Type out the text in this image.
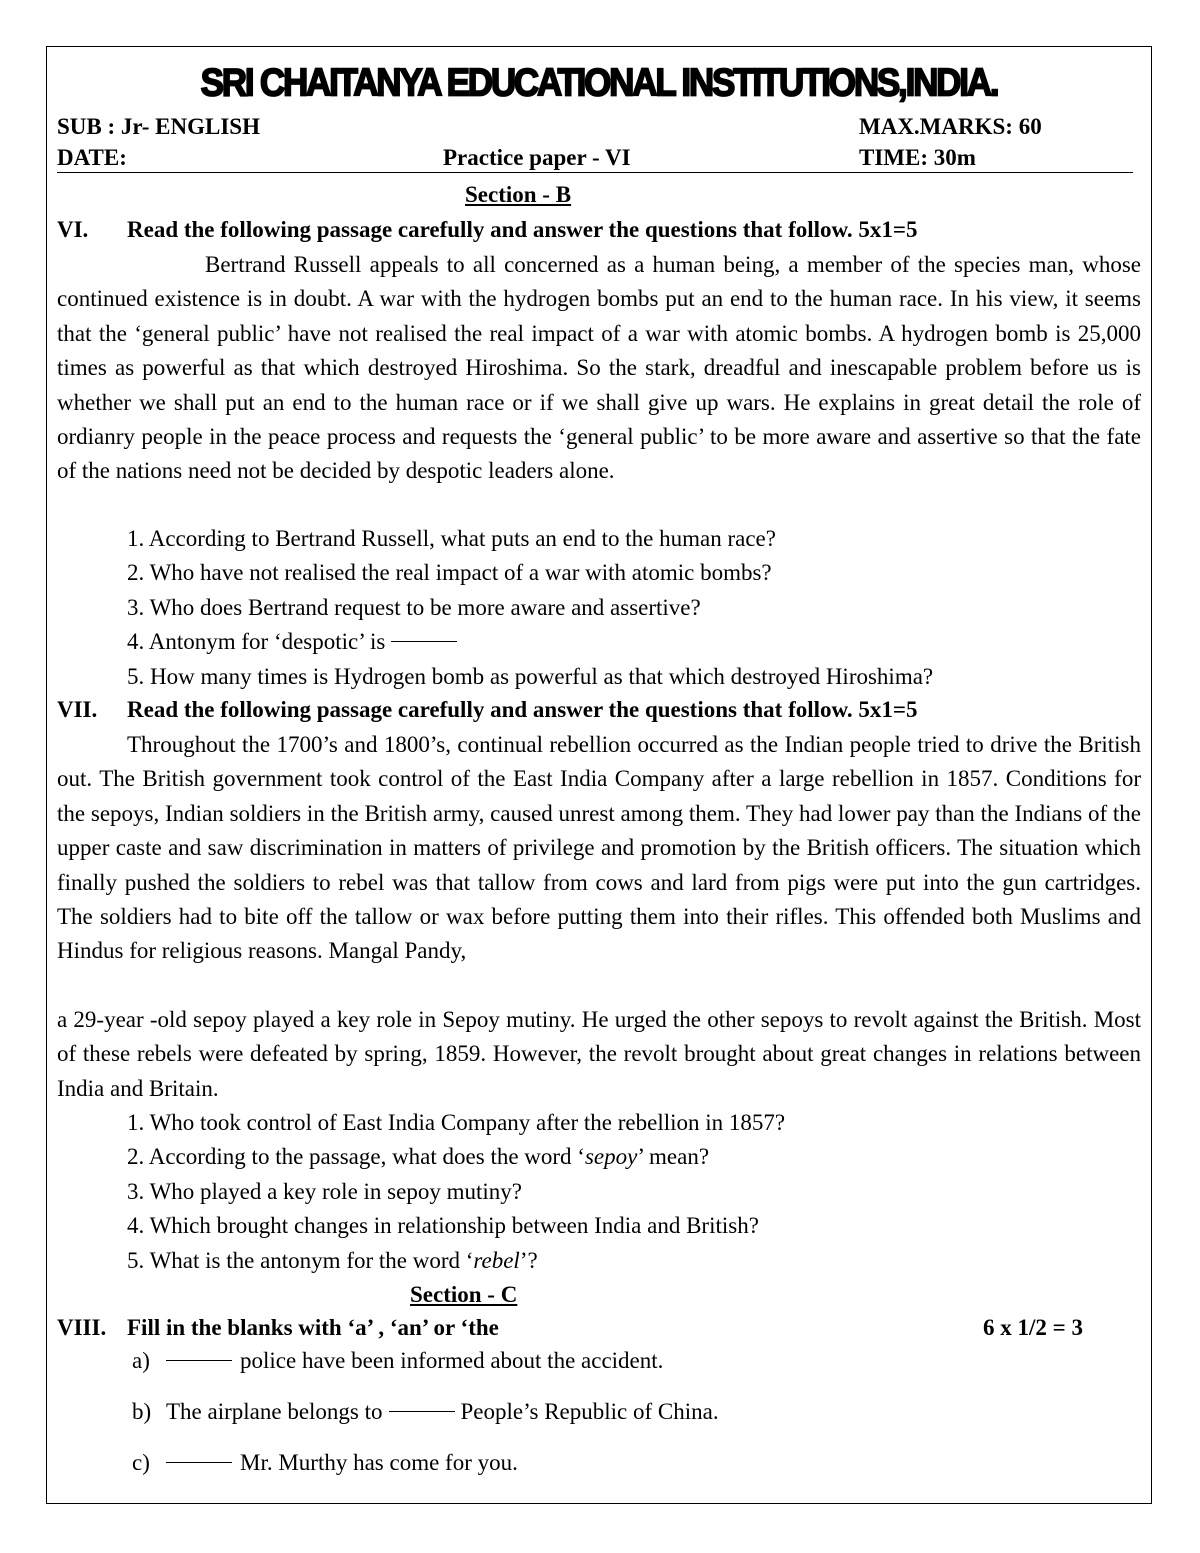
SRI CHAITANYA EDUCATIONAL INSTITUTIONS,INDIA.
SUB : Jr- ENGLISH	MAX.MARKS: 60
DATE:	Practice paper - VI	TIME: 30m
Section - B
VI. Read the following passage carefully and answer the questions that follow. 5x1=5
Bertrand Russell appeals to all concerned as a human being, a member of the species man, whose continued existence is in doubt. A war with the hydrogen bombs put an end to the human race. In his view, it seems that the ‘general public’ have not realised the real impact of a war with atomic bombs. A hydrogen bomb is 25,000 times as powerful as that which destroyed Hiroshima. So the stark, dreadful and inescapable problem before us is whether we shall put an end to the human race or if we shall give up wars. He explains in great detail the role of ordianry people in the peace process and requests the ‘general public’ to be more aware and assertive so that the fate of the nations need not be decided by despotic leaders alone.
1. According to Bertrand Russell, what puts an end to the human race?
2. Who have not realised the real impact of a war with atomic bombs?
3. Who does Bertrand request to be more aware and assertive?
4. Antonym for ‘despotic’ is
5. How many times is Hydrogen bomb as powerful as that which destroyed Hiroshima?
VII. Read the following passage carefully and answer the questions that follow. 5x1=5
Throughout the 1700’s and 1800’s, continual rebellion occurred as the Indian people tried to drive the British out. The British government took control of the East India Company after a large rebellion in 1857. Conditions for the sepoys, Indian soldiers in the British army, caused unrest among them. They had lower pay than the Indians of the upper caste and saw discrimination in matters of privilege and promotion by the British officers. The situation which finally pushed the soldiers to rebel was that tallow from cows and lard from pigs were put into the gun cartridges. The soldiers had to bite off the tallow or wax before putting them into their rifles. This offended both Muslims and Hindus for religious reasons. Mangal Pandy,
a 29-year -old sepoy played a key role in Sepoy mutiny. He urged the other sepoys to revolt against the British. Most of these rebels were defeated by spring, 1859. However, the revolt brought about great changes in relations between India and Britain.
1. Who took control of East India Company after the rebellion in 1857?
2. According to the passage, what does the word ‘sepoy’ mean?
3. Who played a key role in sepoy mutiny?
4. Which brought changes in relationship between India and British?
5. What is the antonym for the word ‘rebel’?
Section - C
VIII. Fill in the blanks with ‘a’ , ‘an’ or ‘the	6 x 1/2 = 3
a)	police have been informed about the accident.
b) The airplane belongs to	People’s Republic of China.
c)	Mr. Murthy has come for you.
